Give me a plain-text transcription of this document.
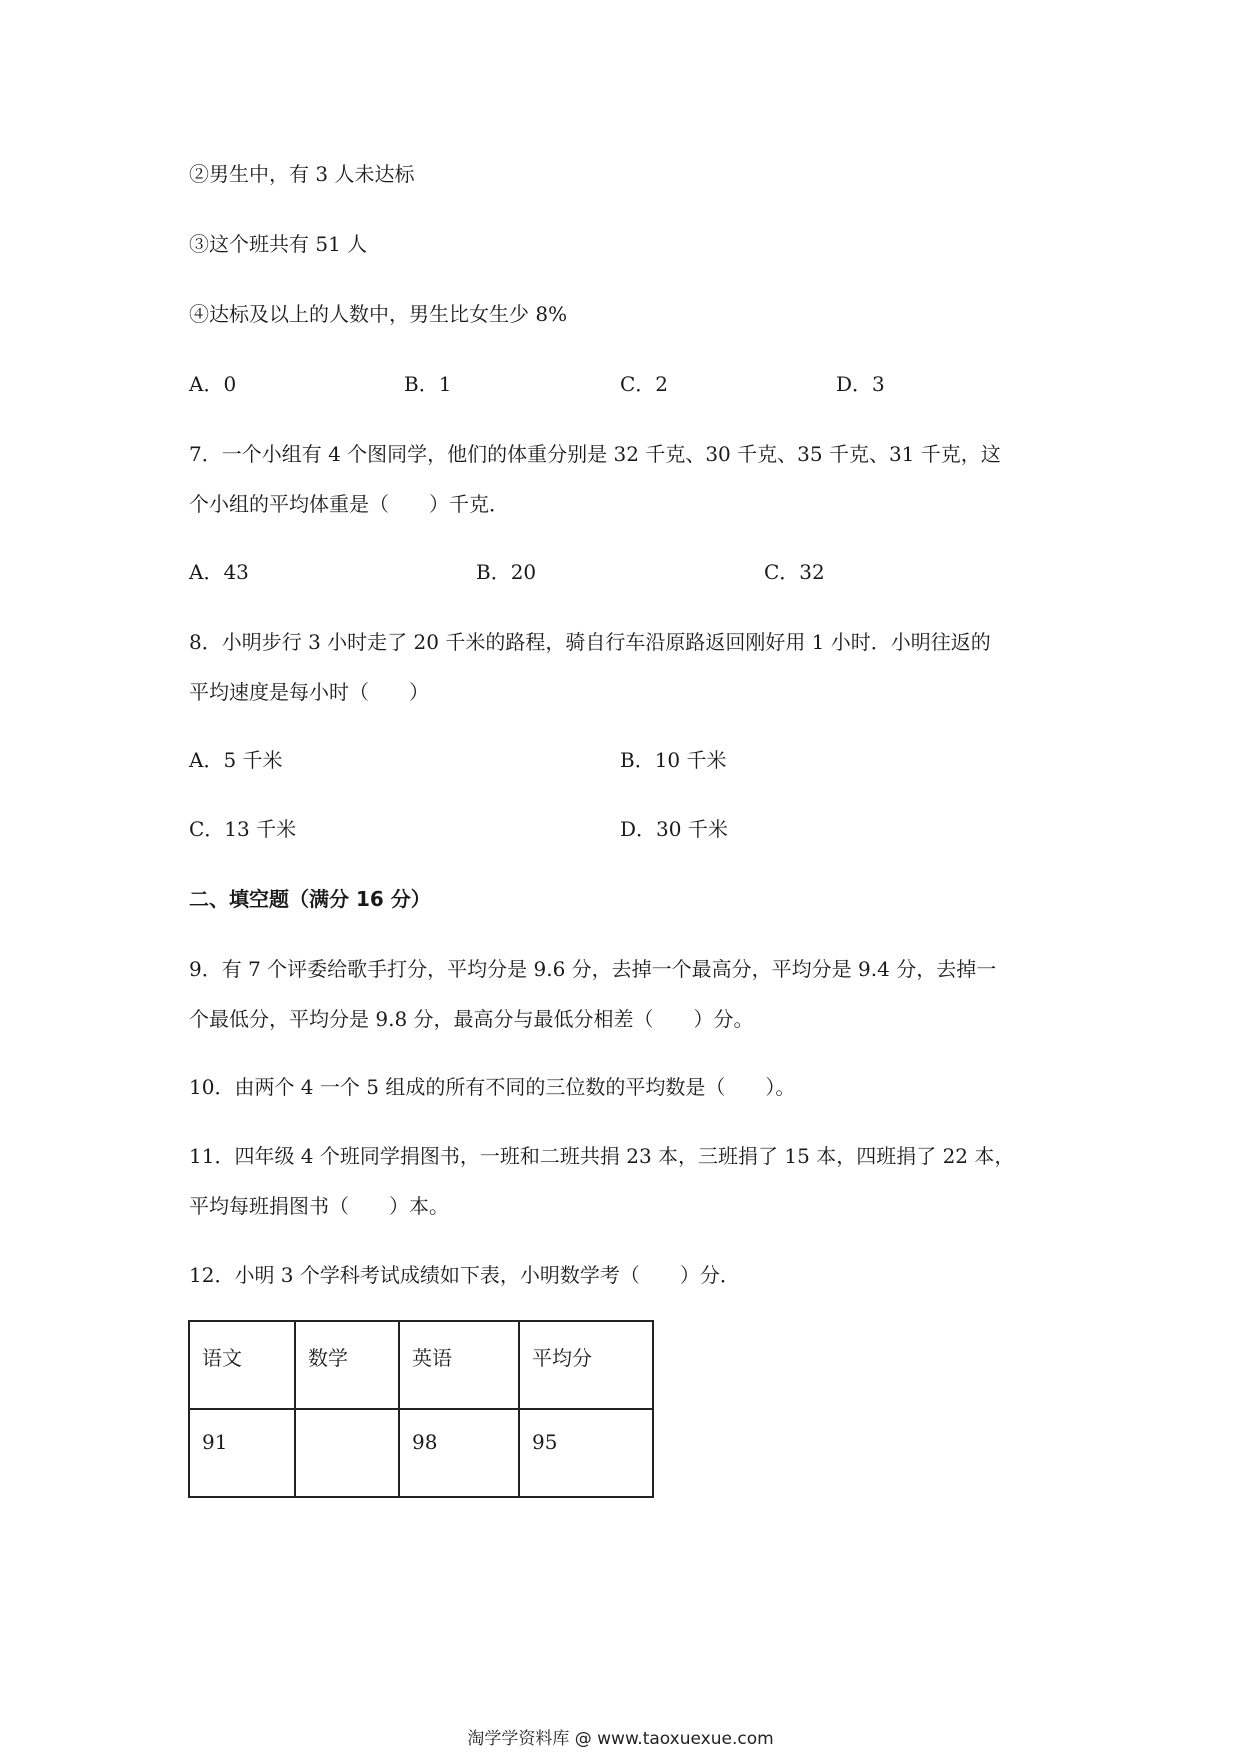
②男生中，有 3 人未达标
③这个班共有 51 人
④达标及以上的人数中，男生比女生少 8%
A．0	B．1	C．2	D．3
7．一个小组有 4 个图同学，他们的体重分别是 32 千克、30 千克、35 千克、31 千克，这
个小组的平均体重是（　　）千克．
A．43	B．20	C．32
8．小明步行 3 小时走了 20 千米的路程，骑自行车沿原路返回刚好用 1 小时．小明往返的
平均速度是每小时（　　）
A．5 千米	B．10 千米
C．13 千米	D．30 千米
二、填空题（满分 16 分）
9．有 7 个评委给歌手打分，平均分是 9.6 分，去掉一个最高分，平均分是 9.4 分，去掉一
个最低分，平均分是 9.8 分，最高分与最低分相差（　　）分。
10．由两个 4 一个 5 组成的所有不同的三位数的平均数是（　　）。
11．四年级 4 个班同学捐图书，一班和二班共捐 23 本，三班捐了 15 本，四班捐了 22 本，
平均每班捐图书（　　）本。
12．小明 3 个学科考试成绩如下表，小明数学考（　　）分．
语文	数学	英语	平均分
91		98	95
淘学学资料库 @ www.taoxuexue.com
